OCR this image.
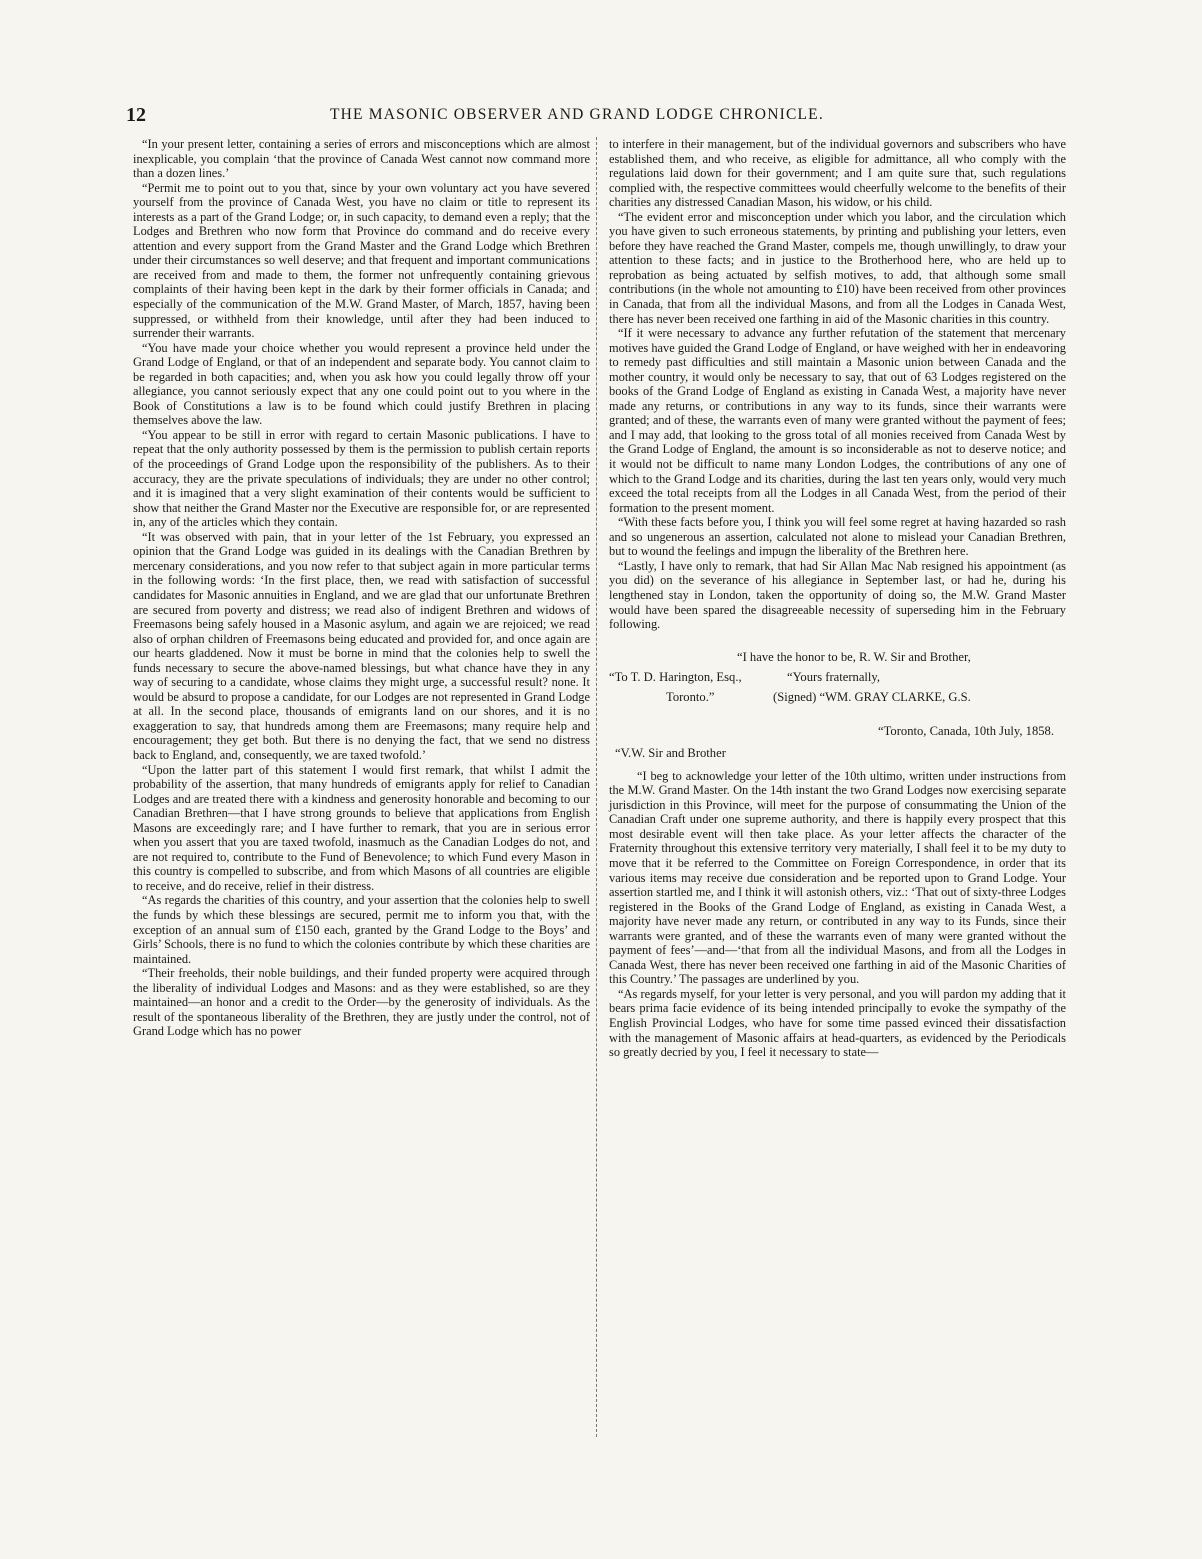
12	THE MASONIC OBSERVER AND GRAND LODGE CHRONICLE.

“In your present letter, containing a series of errors and misconceptions which are almost inexplicable, you complain ‘that the province of Canada West cannot now command more than a dozen lines.’

“Permit me to point out to you that, since by your own voluntary act you have severed yourself from the province of Canada West, you have no claim or title to represent its interests as a part of the Grand Lodge; or, in such capacity, to demand even a reply; that the Lodges and Brethren who now form that Province do command and do receive every attention and every support from the Grand Master and the Grand Lodge which Brethren under their circumstances so well deserve; and that frequent and important communications are received from and made to them, the former not unfrequently containing grievous complaints of their having been kept in the dark by their former officials in Canada; and especially of the communication of the M.W. Grand Master, of March, 1857, having been suppressed, or withheld from their knowledge, until after they had been induced to surrender their warrants.

“You have made your choice whether you would represent a province held under the Grand Lodge of England, or that of an independent and separate body. You cannot claim to be regarded in both capacities; and, when you ask how you could legally throw off your allegiance, you cannot seriously expect that any one could point out to you where in the Book of Constitutions a law is to be found which could justify Brethren in placing themselves above the law.

“You appear to be still in error with regard to certain Masonic publications. I have to repeat that the only authority possessed by them is the permission to publish certain reports of the proceedings of Grand Lodge upon the responsibility of the publishers. As to their accuracy, they are the private speculations of individuals; they are under no other control; and it is imagined that a very slight examination of their contents would be sufficient to show that neither the Grand Master nor the Executive are responsible for, or are represented in, any of the articles which they contain.

“It was observed with pain, that in your letter of the 1st February, you expressed an opinion that the Grand Lodge was guided in its dealings with the Canadian Brethren by mercenary considerations, and you now refer to that subject again in more particular terms in the following words: ‘In the first place, then, we read with satisfaction of successful candidates for Masonic annuities in England, and we are glad that our unfortunate Brethren are secured from poverty and distress; we read also of indigent Brethren and widows of Freemasons being safely housed in a Masonic asylum, and again we are rejoiced; we read also of orphan children of Freemasons being educated and provided for, and once again are our hearts gladdened. Now it must be borne in mind that the colonies help to swell the funds necessary to secure the above-named blessings, but what chance have they in any way of securing to a candidate, whose claims they might urge, a successful result? none. It would be absurd to propose a candidate, for our Lodges are not represented in Grand Lodge at all. In the second place, thousands of emigrants land on our shores, and it is no exaggeration to say, that hundreds among them are Freemasons; many require help and encouragement; they get both. But there is no denying the fact, that we send no distress back to England, and, consequently, we are taxed twofold.’

“Upon the latter part of this statement I would first remark, that whilst I admit the probability of the assertion, that many hundreds of emigrants apply for relief to Canadian Lodges and are treated there with a kindness and generosity honorable and becoming to our Canadian Brethren—that I have strong grounds to believe that applications from English Masons are exceedingly rare; and I have further to remark, that you are in serious error when you assert that you are taxed twofold, inasmuch as the Canadian Lodges do not, and are not required to, contribute to the Fund of Benevolence; to which Fund every Mason in this country is compelled to subscribe, and from which Masons of all countries are eligible to receive, and do receive, relief in their distress.

“As regards the charities of this country, and your assertion that the colonies help to swell the funds by which these blessings are secured, permit me to inform you that, with the exception of an annual sum of £150 each, granted by the Grand Lodge to the Boys’ and Girls’ Schools, there is no fund to which the colonies contribute by which these charities are maintained.

“Their freeholds, their noble buildings, and their funded property were acquired through the liberality of individual Lodges and Masons: and as they were established, so are they maintained—an honor and a credit to the Order—by the generosity of individuals. As the result of the spontaneous liberality of the Brethren, they are justly under the control, not of Grand Lodge which has no power

to interfere in their management, but of the individual governors and subscribers who have established them, and who receive, as eligible for admittance, all who comply with the regulations laid down for their government; and I am quite sure that, such regulations complied with, the respective committees would cheerfully welcome to the benefits of their charities any distressed Canadian Mason, his widow, or his child.

“The evident error and misconception under which you labor, and the circulation which you have given to such erroneous statements, by printing and publishing your letters, even before they have reached the Grand Master, compels me, though unwillingly, to draw your attention to these facts; and in justice to the Brotherhood here, who are held up to reprobation as being actuated by selfish motives, to add, that although some small contributions (in the whole not amounting to £10) have been received from other provinces in Canada, that from all the individual Masons, and from all the Lodges in Canada West, there has never been received one farthing in aid of the Masonic charities in this country.

“If it were necessary to advance any further refutation of the statement that mercenary motives have guided the Grand Lodge of England, or have weighed with her in endeavoring to remedy past difficulties and still maintain a Masonic union between Canada and the mother country, it would only be necessary to say, that out of 63 Lodges registered on the books of the Grand Lodge of England as existing in Canada West, a majority have never made any returns, or contributions in any way to its funds, since their warrants were granted; and of these, the warrants even of many were granted without the payment of fees; and I may add, that looking to the gross total of all monies received from Canada West by the Grand Lodge of England, the amount is so inconsiderable as not to deserve notice; and it would not be difficult to name many London Lodges, the contributions of any one of which to the Grand Lodge and its charities, during the last ten years only, would very much exceed the total receipts from all the Lodges in all Canada West, from the period of their formation to the present moment.

“With these facts before you, I think you will feel some regret at having hazarded so rash and so ungenerous an assertion, calculated not alone to mislead your Canadian Brethren, but to wound the feelings and impugn the liberality of the Brethren here.

“Lastly, I have only to remark, that had Sir Allan Mac Nab resigned his appointment (as you did) on the severance of his allegiance in September last, or had he, during his lengthened stay in London, taken the opportunity of doing so, the M.W. Grand Master would have been spared the disagreeable necessity of superseding him in the February following.

“I have the honor to be, R. W. Sir and Brother,
“To T. D. Harington, Esq.,	“Yours fraternally,
Toronto.”	(Signed) “WM. GRAY CLARKE, G.S.
“Toronto, Canada, 10th July, 1858.
“V.W. Sir and Brother

“I beg to acknowledge your letter of the 10th ultimo, written under instructions from the M.W. Grand Master. On the 14th instant the two Grand Lodges now exercising separate jurisdiction in this Province, will meet for the purpose of consummating the Union of the Canadian Craft under one supreme authority, and there is happily every prospect that this most desirable event will then take place. As your letter affects the character of the Fraternity throughout this extensive territory very materially, I shall feel it to be my duty to move that it be referred to the Committee on Foreign Correspondence, in order that its various items may receive due consideration and be reported upon to Grand Lodge. Your assertion startled me, and I think it will astonish others, viz.: ‘That out of sixty-three Lodges registered in the Books of the Grand Lodge of England, as existing in Canada West, a majority have never made any return, or contributed in any way to its Funds, since their warrants were granted, and of these the warrants even of many were granted without the payment of fees’—and—‘that from all the individual Masons, and from all the Lodges in Canada West, there has never been received one farthing in aid of the Masonic Charities of this Country.’ The passages are underlined by you.

“As regards myself, for your letter is very personal, and you will pardon my adding that it bears prima facie evidence of its being intended principally to evoke the sympathy of the English Provincial Lodges, who have for some time passed evinced their dissatisfaction with the management of Masonic affairs at head-quarters, as evidenced by the Periodicals so greatly decried by you, I feel it necessary to state—
